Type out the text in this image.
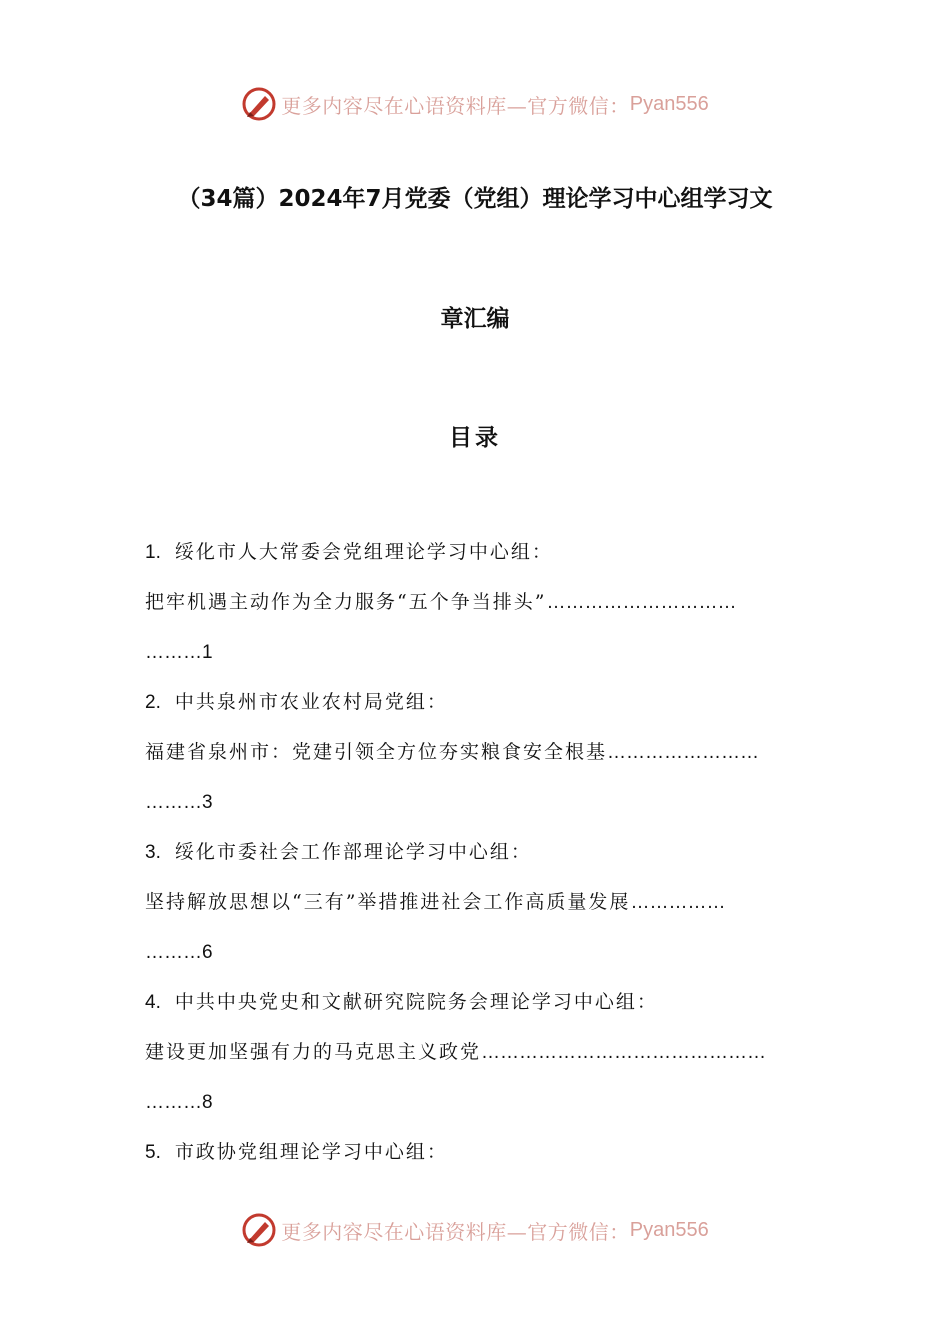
更多内容尽在心语资料库—官方微信： Pyan556
（34篇）2024年7月党委（党组）理论学习中心组学习文
章汇编
目录
1. 绥化市人大常委会党组理论学习中心组：
把牢机遇主动作为全力服务“五个争当排头”…………………………
………1
2. 中共泉州市农业农村局党组：
福建省泉州市：党建引领全方位夯实粮食安全根基……………………
………3
3. 绥化市委社会工作部理论学习中心组：
坚持解放思想以“三有”举措推进社会工作高质量发展……………
………6
4. 中共中央党史和文献研究院院务会理论学习中心组：
建设更加坚强有力的马克思主义政党………………………………………
………8
5. 市政协党组理论学习中心组：
更多内容尽在心语资料库—官方微信： Pyan556
